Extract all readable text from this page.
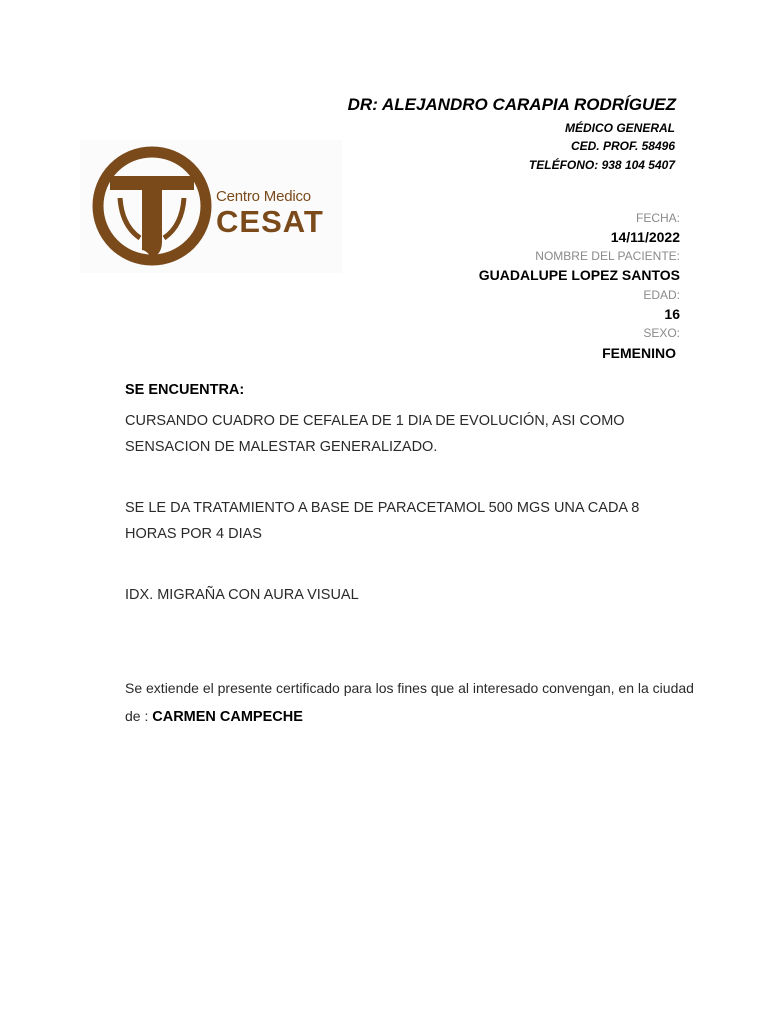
DR: ALEJANDRO CARAPIA RODRÍGUEZ
MÉDICO GENERAL
CED. PROF. 58496
TELÉFONO: 938 104 5407
Centro Medico
CESAT	FECHA:
14/11/2022
NOMBRE DEL PACIENTE:
GUADALUPE LOPEZ SANTOS
EDAD:
16
SEXO:
FEMENINO
SE ENCUENTRA:
CURSANDO CUADRO DE CEFALEA DE 1 DIA DE EVOLUCIÓN, ASI COMO SENSACION DE MALESTAR GENERALIZADO.
SE LE DA TRATAMIENTO A BASE DE PARACETAMOL 500 MGS UNA CADA 8 HORAS POR 4 DIAS
IDX. MIGRAÑA CON AURA VISUAL
Se extiende el presente certificado para los fines que al interesado convengan, en la ciudad de : CARMEN CAMPECHE
